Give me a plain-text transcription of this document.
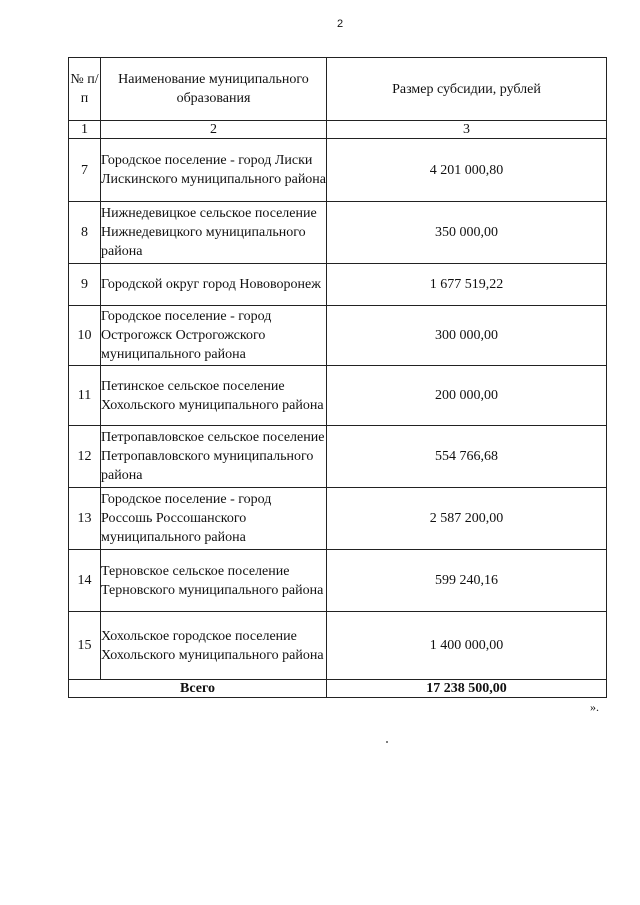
2
№ п/п	Наименование муниципального образования	Размер субсидии, рублей
1	2	3
7	Городское поселение - город Лиски Лискинского муниципального района	4 201 000,80
8	Нижнедевицкое сельское поселение Нижнедевицкого муниципального района	350 000,00
9	Городской округ город Нововоронеж	1 677 519,22
10	Городское поселение - город Острогожск Острогожского муниципального района	300 000,00
11	Петинское сельское поселение Хохольского муниципального района	200 000,00
12	Петропавловское сельское поселение Петропавловского муниципального района	554 766,68
13	Городское поселение - город Россошь Россошанского муниципального района	2 587 200,00
14	Терновское сельское поселение Терновского муниципального района	599 240,16
15	Хохольское городское поселение Хохольского муниципального района	1 400 000,00
Всего		17 238 500,00
».
